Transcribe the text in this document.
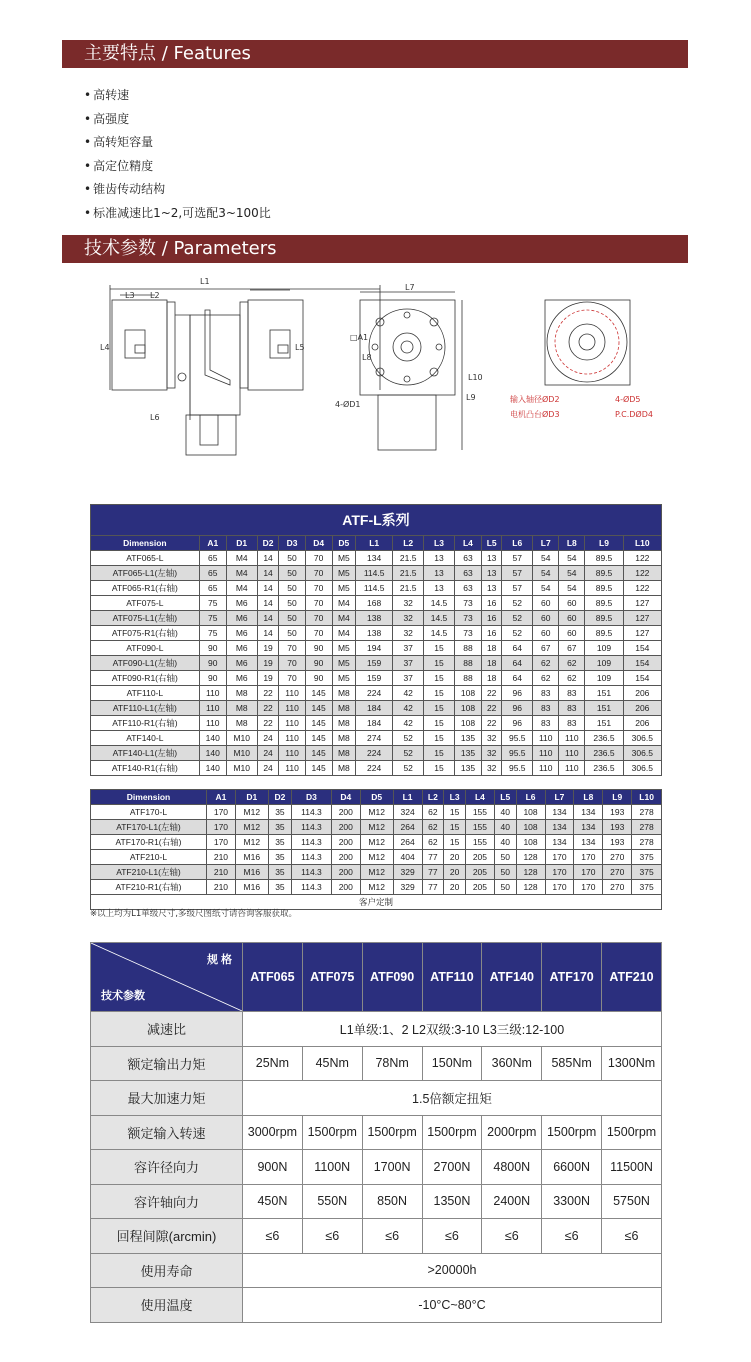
主要特点 / Features
• 高转速
• 高强度
• 高转矩容量
• 高定位精度
• 锥齿传动结构
• 标准减速比1~2,可选配3~100比
技术参数 / Parameters
L1
L3 L2
L4	L5
L6
L7
□A1
L8
L9
L10
4-ØD1
输入轴径ØD2
电机凸台ØD3
4-ØD5
P.C.DØD4
ATF-L系列																
Dimension	A1	D1	D2	D3	D4	D5	L1	L2	L3	L4	L5	L6	L7	L8	L9	L10
ATF065-L	65	M4	14	50	70	M5	134	21.5	13	63	13	57	54	54	89.5	122
ATF065-L1(左轴)	65	M4	14	50	70	M5	114.5	21.5	13	63	13	57	54	54	89.5	122
ATF065-R1(右轴)	65	M4	14	50	70	M5	114.5	21.5	13	63	13	57	54	54	89.5	122
ATF075-L	75	M6	14	50	70	M4	168	32	14.5	73	16	52	60	60	89.5	127
ATF075-L1(左轴)	75	M6	14	50	70	M4	138	32	14.5	73	16	52	60	60	89.5	127
ATF075-R1(右轴)	75	M6	14	50	70	M4	138	32	14.5	73	16	52	60	60	89.5	127
ATF090-L	90	M6	19	70	90	M5	194	37	15	88	18	64	67	67	109	154
ATF090-L1(左轴)	90	M6	19	70	90	M5	159	37	15	88	18	64	62	62	109	154
ATF090-R1(右轴)	90	M6	19	70	90	M5	159	37	15	88	18	64	62	62	109	154
ATF110-L	110	M8	22	110	145	M8	224	42	15	108	22	96	83	83	151	206
ATF110-L1(左轴)	110	M8	22	110	145	M8	184	42	15	108	22	96	83	83	151	206
ATF110-R1(右轴)	110	M8	22	110	145	M8	184	42	15	108	22	96	83	83	151	206
ATF140-L	140	M10	24	110	145	M8	274	52	15	135	32	95.5	110	110	236.5	306.5
ATF140-L1(左轴)	140	M10	24	110	145	M8	224	52	15	135	32	95.5	110	110	236.5	306.5
ATF140-R1(右轴)	140	M10	24	110	145	M8	224	52	15	135	32	95.5	110	110	236.5	306.5
Dimension	A1	D1	D2	D3	D4	D5	L1	L2	L3	L4	L5	L6	L7	L8	L9	L10
ATF170-L	170	M12	35	114.3	200	M12	324	62	15	155	40	108	134	134	193	278
ATF170-L1(左轴)	170	M12	35	114.3	200	M12	264	62	15	155	40	108	134	134	193	278
ATF170-R1(右轴)	170	M12	35	114.3	200	M12	264	62	15	155	40	108	134	134	193	278
ATF210-L	210	M16	35	114.3	200	M12	404	77	20	205	50	128	170	170	270	375
ATF210-L1(左轴)	210	M16	35	114.3	200	M12	329	77	20	205	50	128	170	170	270	375
ATF210-R1(右轴)	210	M16	35	114.3	200	M12	329	77	20	205	50	128	170	170	270	375
客户定制																
※以上均为L1单级尺寸,多级尺图纸寸请咨询客服获取。
规 格
技术参数	ATF065	ATF075	ATF090	ATF110	ATF140	ATF170	ATF210
减速比	L1单级:1、2 L2双级:3-10 L3三级:12-100						
额定输出力矩	25Nm	45Nm	78Nm	150Nm	360Nm	585Nm	1300Nm
最大加速力矩	1.5倍额定扭矩						
额定输入转速	3000rpm	1500rpm	1500rpm	1500rpm	2000rpm	1500rpm	1500rpm
容许径向力	900N	1100N	1700N	2700N	4800N	6600N	11500N
容许轴向力	450N	550N	850N	1350N	2400N	3300N	5750N
回程间隙(arcmin)	≤6	≤6	≤6	≤6	≤6	≤6	≤6
使用寿命	>20000h						
使用温度	-10°C~80°C						
